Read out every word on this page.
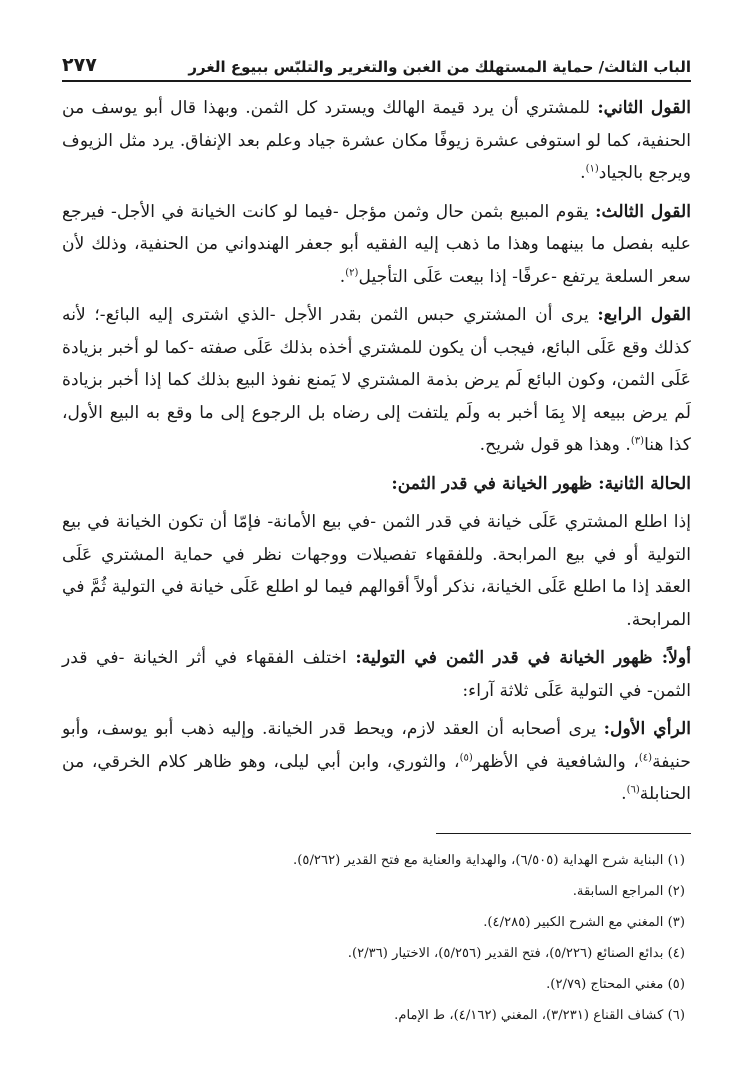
الباب الثالث/ حماية المستهلك من الغبن والتغرير والتلبّس ببيوع الغرر
٢٧٧

القول الثاني: للمشتري أن يرد قيمة الهالك ويسترد كل الثمن. وبهذا قال أبو يوسف من الحنفية، كما لو استوفى عشرة زيوفًا مكان عشرة جياد وعلم بعد الإنفاق. يرد مثل الزيوف ويرجع بالجياد$^{(١)}$.

القول الثالث: يقوم المبيع بثمن حال وثمن مؤجل -فيما لو كانت الخيانة في الأجل- فيرجع عليه بفصل ما بينهما وهذا ما ذهب إليه الفقيه أبو جعفر الهندواني من الحنفية، وذلك لأن سعر السلعة يرتفع -عرفًا- إذا بيعت عَلَى التأجيل$^{(٢)}$.

القول الرابع: يرى أن المشتري حبس الثمن بقدر الأجل -الذي اشترى إليه البائع-؛ لأنه كذلك وقع عَلَى البائع، فيجب أن يكون للمشتري أخذه بذلك عَلَى صفته -كما لو أخبر بزيادة عَلَى الثمن، وكون البائع لَم يرض بذمة المشتري لا يَمنع نفوذ البيع بذلك كما إذا أخبر بزيادة لَم يرض ببيعه إلا بِمَا أخبر به ولَم يلتفت إلى رضاه بل الرجوع إلى ما وقع به البيع الأول، كذا هنا$^{(٣)}$. وهذا هو قول شريح.

الحالة الثانية: ظهور الخيانة في قدر الثمن:

إذا اطلع المشتري عَلَى خيانة في قدر الثمن -في بيع الأمانة- فإمّا أن تكون الخيانة في بيع التولية أو في بيع المرابحة. وللفقهاء تفصيلات ووجهات نظر في حماية المشتري عَلَى العقد إذا ما اطلع عَلَى الخيانة، نذكر أولاً أقوالهم فيما لو اطلع عَلَى خيانة في التولية ثُمَّ في المرابحة.

أولاً: ظهور الخيانة في قدر الثمن في التولية: اختلف الفقهاء في أثر الخيانة -في قدر الثمن- في التولية عَلَى ثلاثة آراء:

الرأي الأول: يرى أصحابه أن العقد لازم، ويحط قدر الخيانة. وإليه ذهب أبو يوسف، وأبو حنيفة$^{(٤)}$، والشافعية في الأظهر$^{(٥)}$، والثوري، وابن أبي ليلى، وهو ظاهر كلام الخرقي، من الحنابلة$^{(٦)}$.

(١) البناية شرح الهداية (٦/٥٠٥)، والهداية والعناية مع فتح القدير (٥/٢٦٢).

(٢) المراجع السابقة.

(٣) المغني مع الشرح الكبير (٤/٢٨٥).

(٤) بدائع الصنائع (٥/٢٢٦)، فتح القدير (٥/٢٥٦)، الاختيار (٢/٣٦).

(٥) مغني المحتاج (٢/٧٩).

(٦) كشاف القناع (٣/٢٣١)، المغني (٤/١٦٢)، ط الإمام.
